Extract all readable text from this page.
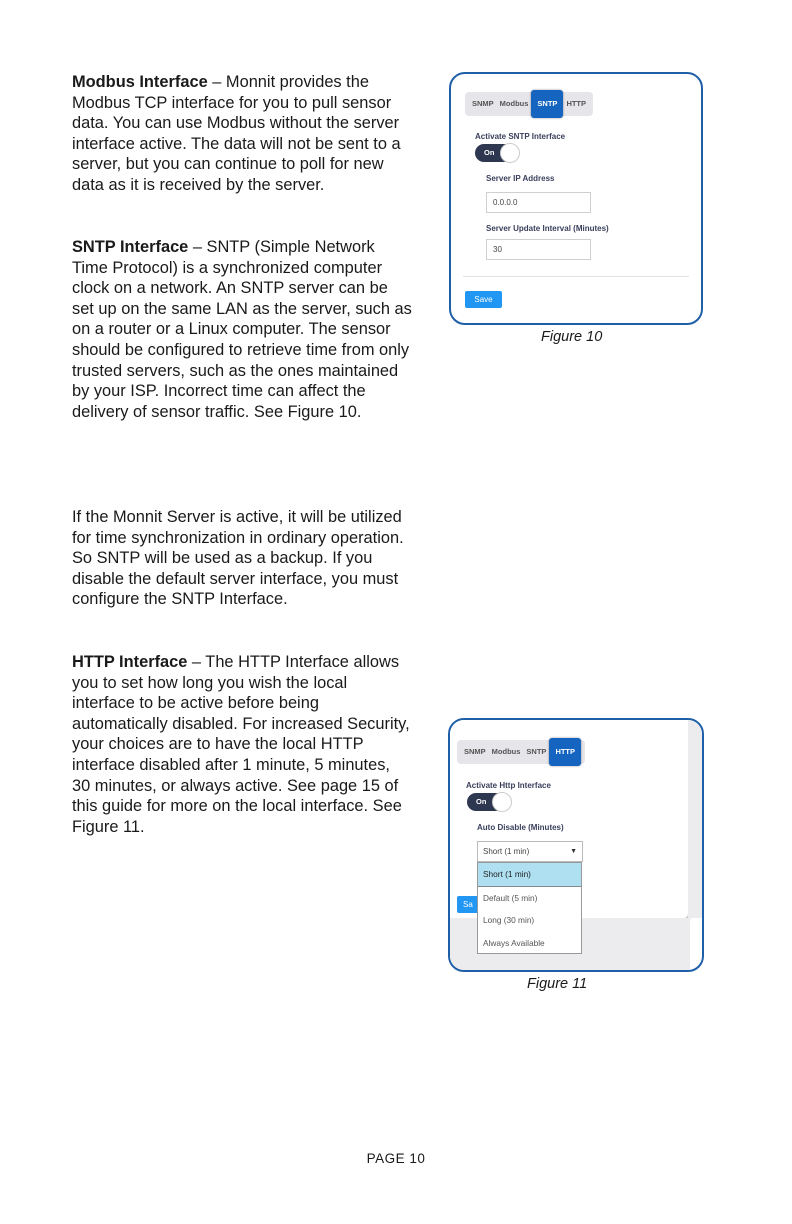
Modbus Interface – Monnit provides the Modbus TCP interface for you to pull sensor data. You can use Modbus without the server interface active. The data will not be sent to a server, but you can continue to poll for new data as it is received by the server.

SNTP Interface – SNTP (Simple Network Time Protocol) is a synchronized computer clock on a network. An SNTP server can be set up on the same LAN as the server, such as on a router or a Linux computer. The sensor should be configured to retrieve time from only trusted servers, such as the ones maintained by your ISP. Incorrect time can affect the delivery of sensor traffic. See Figure 10.

If the Monnit Server is active, it will be utilized for time synchronization in ordinary operation. So SNTP will be used as a backup. If you disable the default server interface, you must configure the SNTP Interface.

HTTP Interface – The HTTP Interface allows you to set how long you wish the local interface to be active before being automatically disabled. For increased Security, your choices are to have the local HTTP interface disabled after 1 minute, 5 minutes, 30 minutes, or always active. See page 15 of this guide for more on the local interface. See Figure 11.

SNMP Modbus	SNTP	HTTP
Activate SNTP Interface
On
Server IP Address
0.0.0.0
Server Update Interval (Minutes)
30
Save
Figure 10
SNMP Modbus SNTP	HTTP
Activate Http Interface
On
Auto Disable (Minutes)
Short (1 min)	▼
Sa
Short (1 min)
Default (5 min)
Long (30 min)
Always Available
Figure 11
PAGE 10
